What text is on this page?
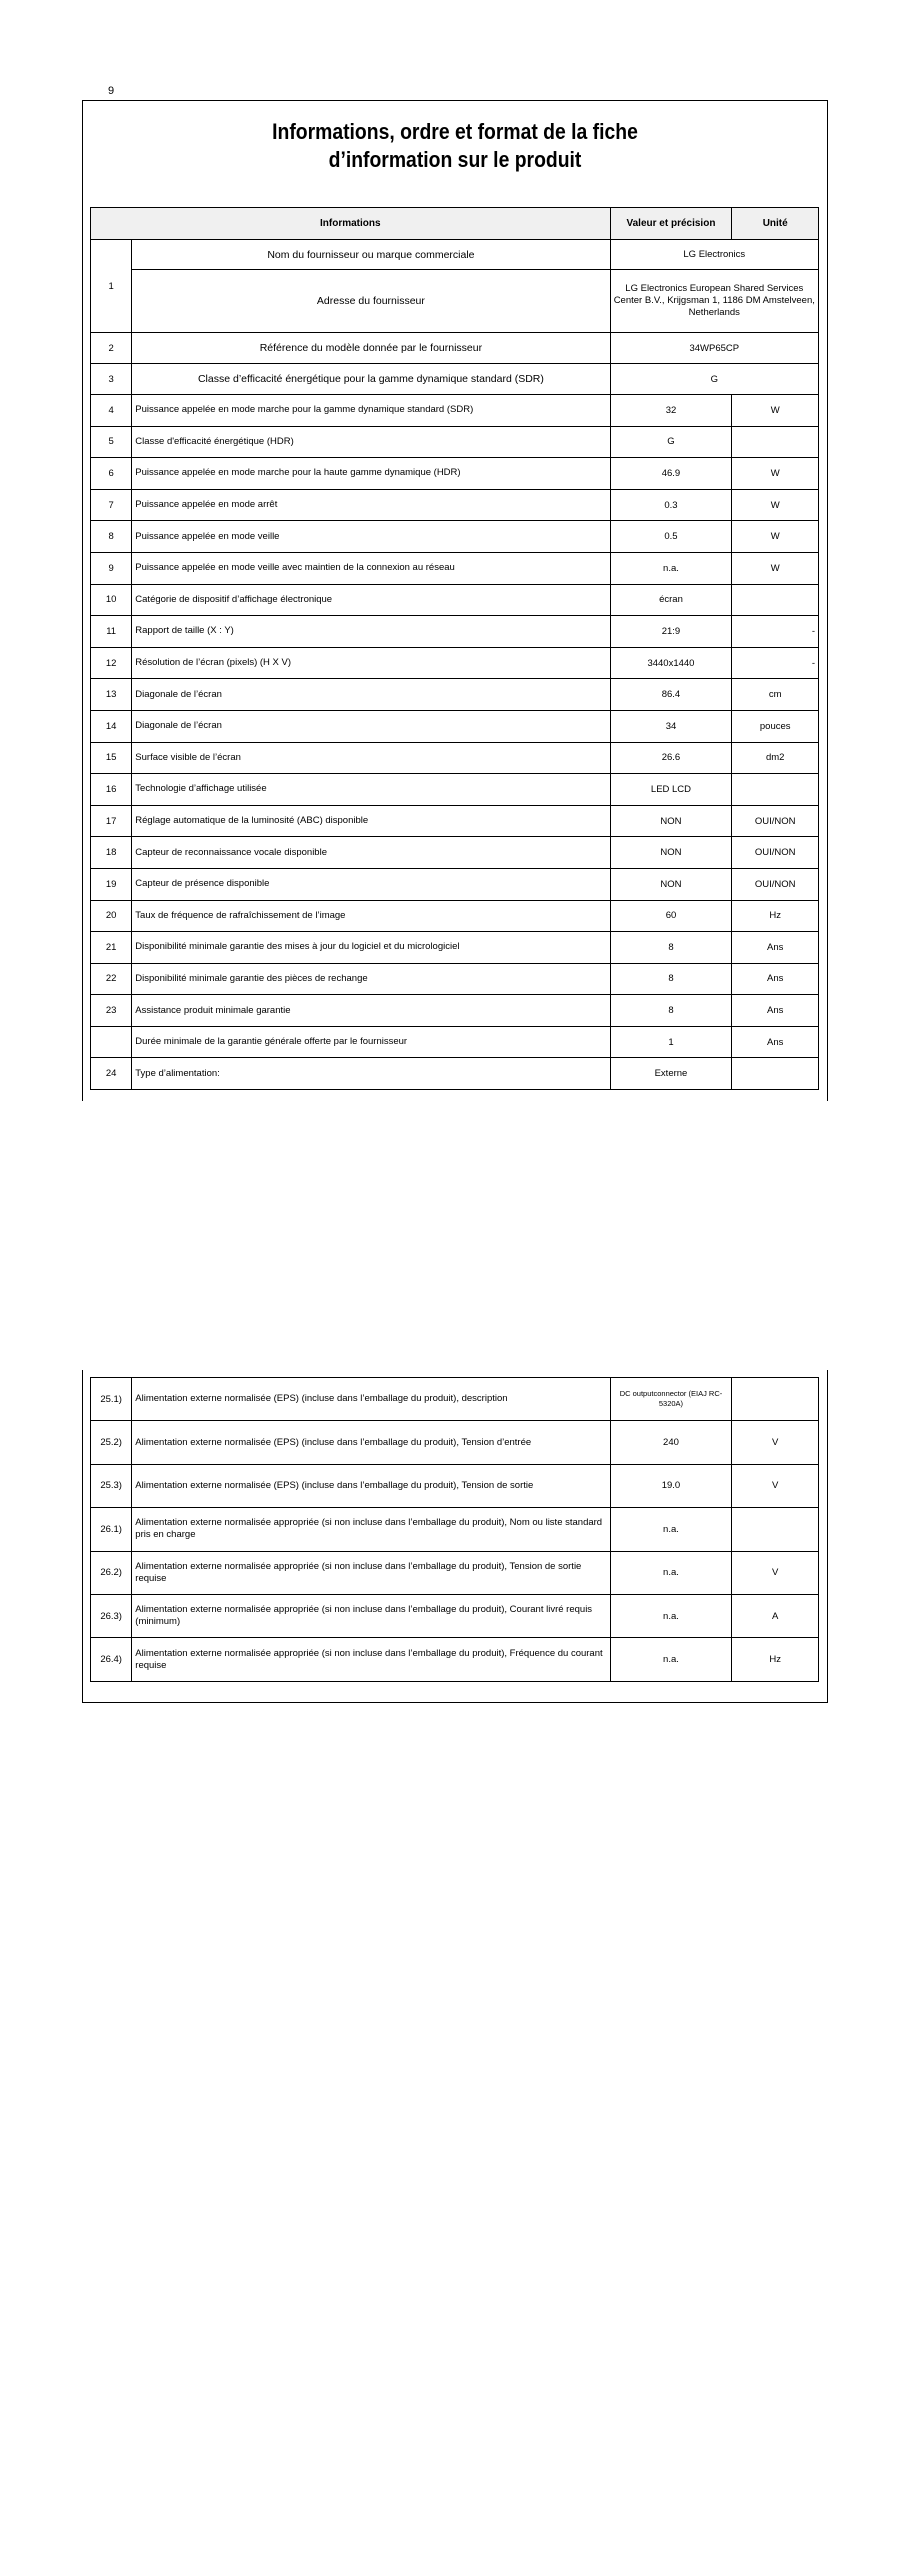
9
Informations, ordre et format de la fiche
d’information sur le produit
Informations		Valeur et précision	Unité
1	Nom du fournisseur ou marque commerciale	LG Electronics	
	Adresse du fournisseur	LG Electronics European Shared Services Center B.V., Krijgsman 1, 1186 DM Amstelveen, Netherlands	
2	Référence du modèle donnée par le fournisseur	34WP65CP	
3	Classe d’efficacité énergétique pour la gamme dynamique standard (SDR)	G	
4	Puissance appelée en mode marche pour la gamme dynamique standard (SDR)	32	W
5	Classe d'efficacité énergétique (HDR)	G	
6	Puissance appelée en mode marche pour la haute gamme dynamique (HDR)	46.9	W
7	Puissance appelée en mode arrêt	0.3	W
8	Puissance appelée en mode veille	0.5	W
9	Puissance appelée en mode veille avec maintien de la connexion au réseau	n.a.	W
10	Catégorie de dispositif d’affichage électronique	écran	
11	Rapport de taille (X : Y)	21:9	-
12	Résolution de l’écran (pixels) (H X V)	3440x1440	-
13	Diagonale de l’écran	86.4	cm
14	Diagonale de l’écran	34	pouces
15	Surface visible de l’écran	26.6	dm2
16	Technologie d’affichage utilisée	LED LCD	
17	Réglage automatique de la luminosité (ABC) disponible	NON	OUI/NON
18	Capteur de reconnaissance vocale disponible	NON	OUI/NON
19	Capteur de présence disponible	NON	OUI/NON
20	Taux de fréquence de rafraîchissement de l’image	60	Hz
21	Disponibilité minimale garantie des mises à jour du logiciel et du micrologiciel	8	Ans
22	Disponibilité minimale garantie des pièces de rechange	8	Ans
23	Assistance produit minimale garantie	8	Ans
	Durée minimale de la garantie générale offerte par le fournisseur	1	Ans
24	Type d’alimentation:	Externe	
25.1)	Alimentation externe normalisée (EPS) (incluse dans l’emballage du produit), description	DC outputconnector (EIAJ RC-5320A)	
25.2)	Alimentation externe normalisée (EPS) (incluse dans l’emballage du produit), Tension d’entrée	240	V
25.3)	Alimentation externe normalisée (EPS) (incluse dans l’emballage du produit), Tension de sortie	19.0	V
26.1)	Alimentation externe normalisée appropriée (si non incluse dans l’emballage du produit), Nom ou liste standard pris en charge	n.a.	
26.2)	Alimentation externe normalisée appropriée (si non incluse dans l’emballage du produit), Tension de sortie requise	n.a.	V
26.3)	Alimentation externe normalisée appropriée (si non incluse dans l’emballage du produit), Courant livré requis (minimum)	n.a.	A
26.4)	Alimentation externe normalisée appropriée (si non incluse dans l’emballage du produit), Fréquence du courant requise	n.a.	Hz
